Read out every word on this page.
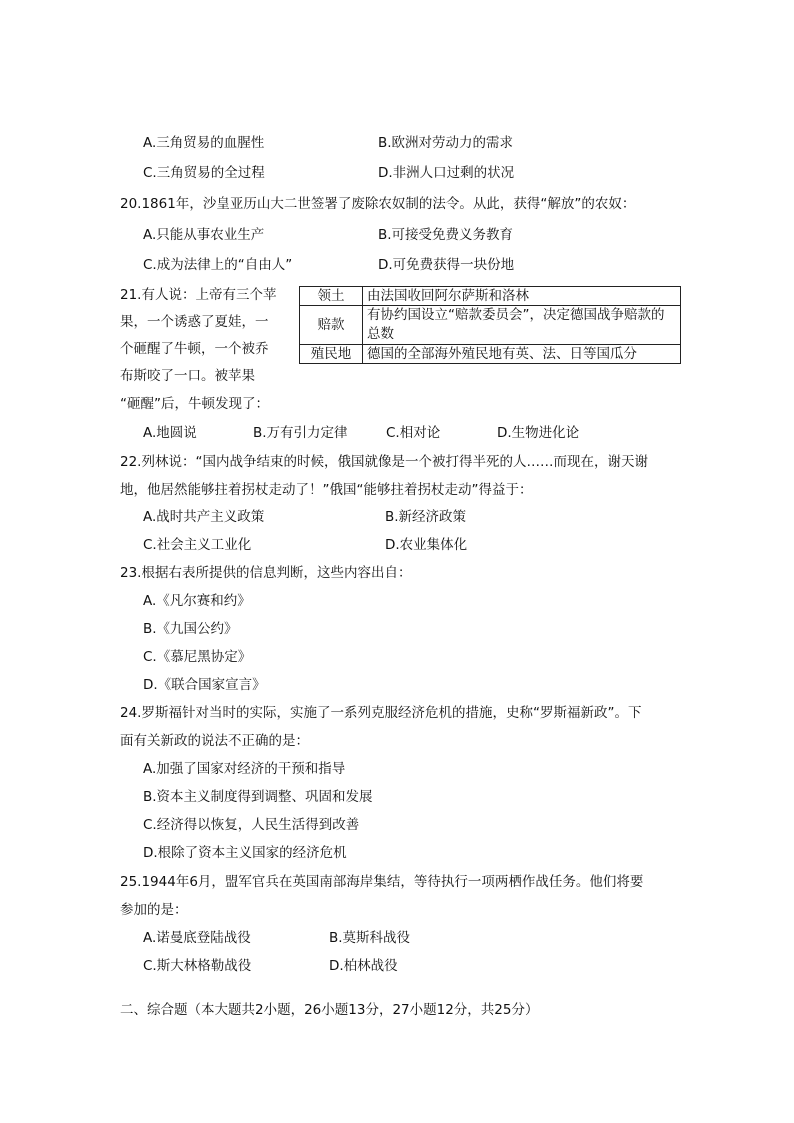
A.三角贸易的血腥性	B.欧洲对劳动力的需求
C.三角贸易的全过程	D.非洲人口过剩的状况
20.1861年，沙皇亚历山大二世签署了废除农奴制的法令。从此，获得“解放”的农奴：
A.只能从事农业生产	B.可接受免费义务教育
C.成为法律上的“自由人”	D.可免费获得一块份地
21.有人说：上帝有三个苹
果，一个诱惑了夏娃，一
个砸醒了牛顿，一个被乔
布斯咬了一口。被苹果
“砸醒”后，牛顿发现了：
领土	由法国收回阿尔萨斯和洛林
赔款	有协约国设立“赔款委员会”，决定德国战争赔款的总数
殖民地	德国的全部海外殖民地有英、法、日等国瓜分
A.地圆说	B.万有引力定律	C.相对论	D.生物进化论
22.列林说：“国内战争结束的时候，俄国就像是一个被打得半死的人……而现在，谢天谢
地，他居然能够拄着拐杖走动了！”俄国“能够拄着拐杖走动”得益于：
A.战时共产主义政策	B.新经济政策
C.社会主义工业化	D.农业集体化
23.根据右表所提供的信息判断，这些内容出自：
A.《凡尔赛和约》
B.《九国公约》
C.《慕尼黑协定》
D.《联合国家宣言》
24.罗斯福针对当时的实际，实施了一系列克服经济危机的措施，史称“罗斯福新政”。下
面有关新政的说法不正确的是：
A.加强了国家对经济的干预和指导
B.资本主义制度得到调整、巩固和发展
C.经济得以恢复，人民生活得到改善
D.根除了资本主义国家的经济危机
25.1944年6月，盟军官兵在英国南部海岸集结，等待执行一项两栖作战任务。他们将要
参加的是：
A.诺曼底登陆战役	B.莫斯科战役
C.斯大林格勒战役	D.柏林战役
二、综合题（本大题共2小题，26小题13分，27小题12分，共25分）
